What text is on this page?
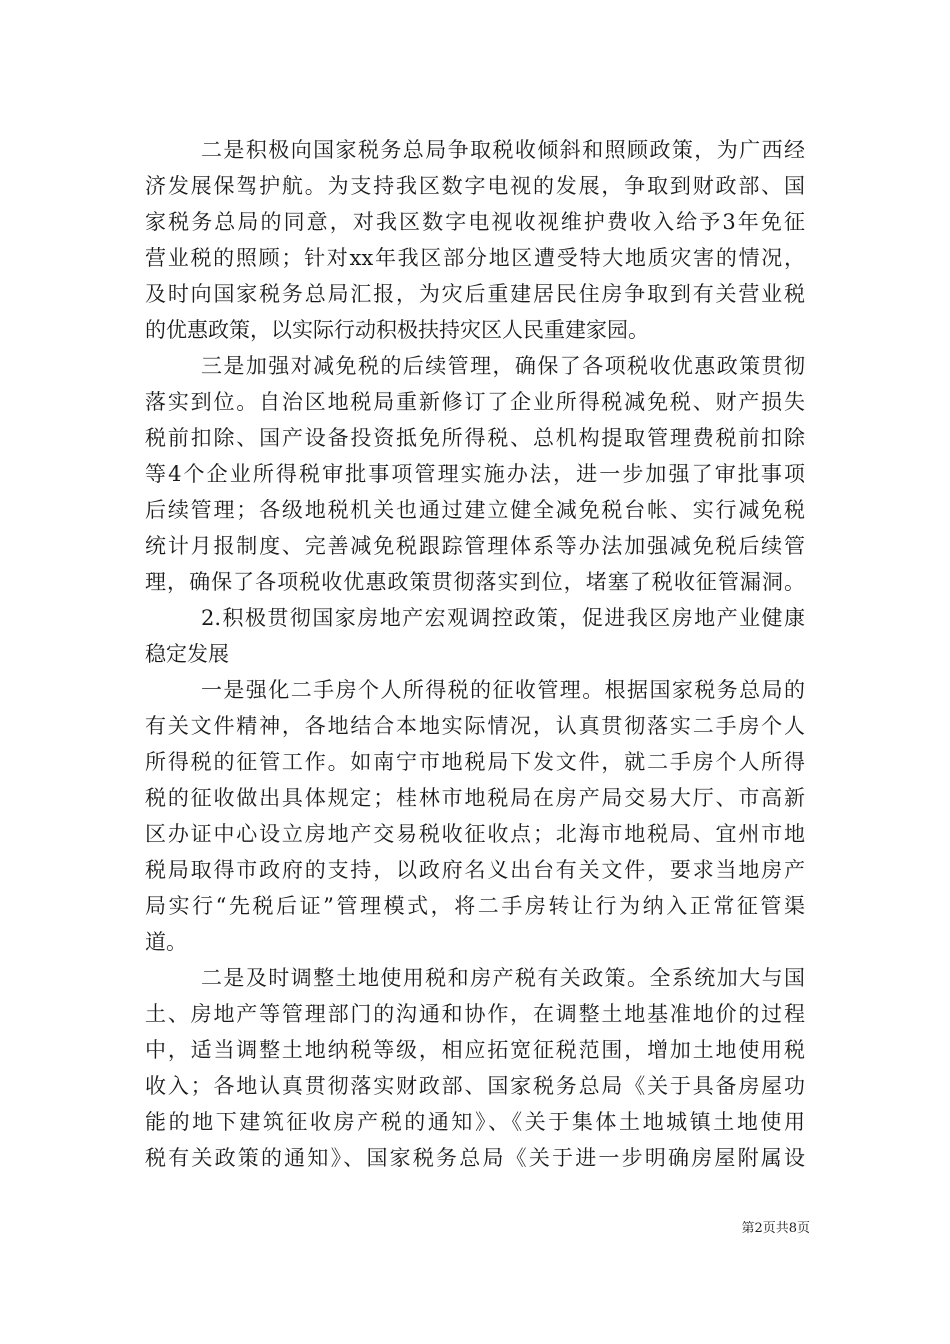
二是积极向国家税务总局争取税收倾斜和照顾政策，为广西经
济发展保驾护航。为支持我区数字电视的发展，争取到财政部、国
家税务总局的同意，对我区数字电视收视维护费收入给予3年免征
营业税的照顾；针对xx年我区部分地区遭受特大地质灾害的情况，
及时向国家税务总局汇报，为灾后重建居民住房争取到有关营业税
的优惠政策，以实际行动积极扶持灾区人民重建家园。
三是加强对减免税的后续管理，确保了各项税收优惠政策贯彻
落实到位。自治区地税局重新修订了企业所得税减免税、财产损失
税前扣除、国产设备投资抵免所得税、总机构提取管理费税前扣除
等4个企业所得税审批事项管理实施办法，进一步加强了审批事项
后续管理；各级地税机关也通过建立健全减免税台帐、实行减免税
统计月报制度、完善减免税跟踪管理体系等办法加强减免税后续管
理，确保了各项税收优惠政策贯彻落实到位，堵塞了税收征管漏洞。
2.积极贯彻国家房地产宏观调控政策，促进我区房地产业健康
稳定发展
一是强化二手房个人所得税的征收管理。根据国家税务总局的
有关文件精神，各地结合本地实际情况，认真贯彻落实二手房个人
所得税的征管工作。如南宁市地税局下发文件，就二手房个人所得
税的征收做出具体规定；桂林市地税局在房产局交易大厅、市高新
区办证中心设立房地产交易税收征收点；北海市地税局、宜州市地
税局取得市政府的支持，以政府名义出台有关文件，要求当地房产
局实行“先税后证”管理模式，将二手房转让行为纳入正常征管渠
道。
二是及时调整土地使用税和房产税有关政策。全系统加大与国
土、房地产等管理部门的沟通和协作，在调整土地基准地价的过程
中，适当调整土地纳税等级，相应拓宽征税范围，增加土地使用税
收入；各地认真贯彻落实财政部、国家税务总局《关于具备房屋功
能的地下建筑征收房产税的通知》、《关于集体土地城镇土地使用
税有关政策的通知》、国家税务总局《关于进一步明确房屋附属设
第2页共8页
